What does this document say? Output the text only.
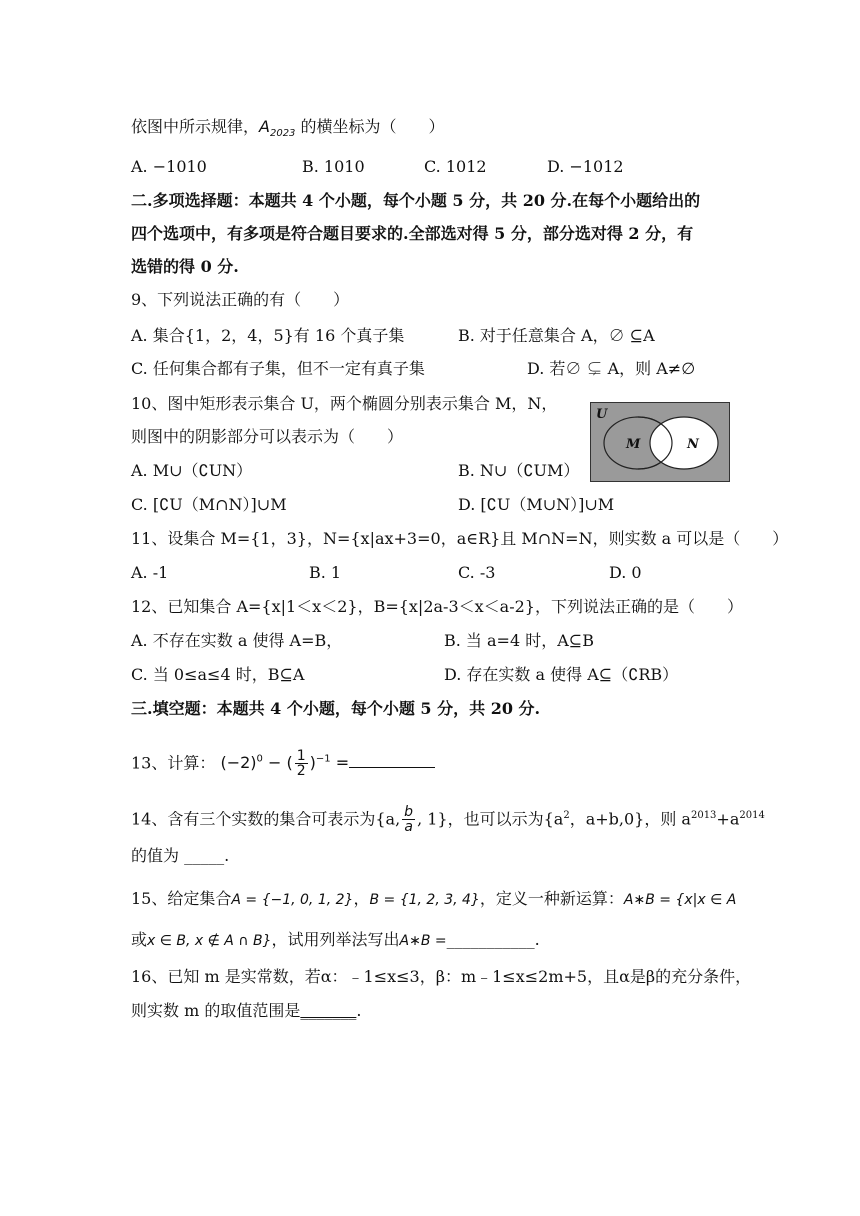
依图中所示规律，$A_{2023}$ 的横坐标为（　　）
A. −1010	B. 1010	C. 1012	D. −1012
二.多项选择题：本题共 4 个小题，每个小题 5 分，共 20 分.在每个小题给出的
四个选项中，有多项是符合题目要求的.全部选对得 5 分，部分选对得 2 分，有
选错的得 0 分.
9、下列说法正确的有（　　）
A. 集合{1，2，4，5}有 16 个真子集	B. 对于任意集合 A，∅ ⊆A
C. 任何集合都有子集，但不一定有真子集	D. 若∅ ⊊ A，则 A≠∅
10、图中矩形表示集合 U，两个椭圆分别表示集合 M，N，
则图中的阴影部分可以表示为（　　）
U
M	N
A. M∪（∁UN）	B. N∪（∁UM）
C. [∁U（M∩N）]∪M	D. [∁U（M∪N）]∪M
11、设集合 M={1，3}，N={x|ax+3=0，a∈R}且 M∩N=N，则实数 a 可以是（　　）
A. -1	B. 1	C. -3	D. 0
12、已知集合 A={x|1＜x＜2}，B={x|2a-3＜x＜a-2}，下列说法正确的是（　　）
A. 不存在实数 a 使得 A=B，	B. 当 a=4 时，A⊆B
C. 当 0≤a≤4 时，B⊆A	D. 存在实数 a 使得 A⊆（∁RB）
三.填空题：本题共 4 个小题，每个小题 5 分，共 20 分.
13、计算： $(-2)^0$ − ( $\frac{1}{2} )^{-1}$ =
14、含有三个实数的集合可表示为{a, $\frac{b}{a}$ , 1}，也可以示为{$a^2$，a+b,0}，则 $a^{2013}+a^{2014}$
的值为 _____.
15、给定集合A = {−1, 0, 1, 2}，B = {1, 2, 3, 4}，定义一种新运算：A∗B = {x|x ∈ A
或x ∈ B, x ∉ A ∩ B}，试用列举法写出A∗B =___________.
16、已知 m 是实常数，若α：﹣1≤x≤3，β：m﹣1≤x≤2m+5，且α是β的充分条件，
则实数 m 的取值范围是_______.
